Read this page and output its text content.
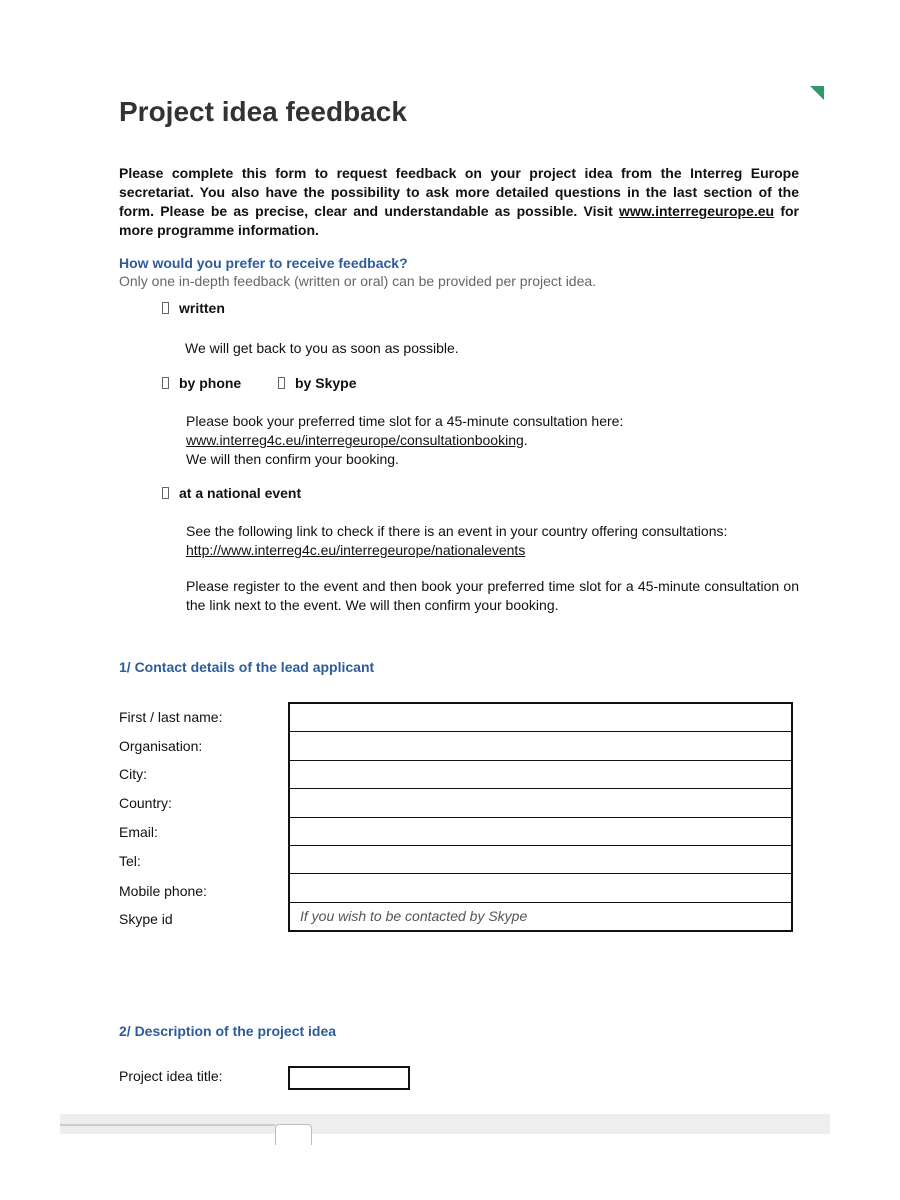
Project idea feedback
Please complete this form to request feedback on your project idea from the Interreg Europe secretariat. You also have the possibility to ask more detailed questions in the last section of the form. Please be as precise, clear and understandable as possible. Visit www.interregeurope.eu for more programme information.
How would you prefer to receive feedback?
Only one in-depth feedback (written or oral) can be provided per project idea.
written
We will get back to you as soon as possible.
by phone	by Skype
Please book your preferred time slot for a 45-minute consultation here:
www.interreg4c.eu/interregeurope/consultationbooking.
We will then confirm your booking.
at a national event
See the following link to check if there is an event in your country offering consultations:
http://www.interreg4c.eu/interregeurope/nationalevents
Please register to the event and then book your preferred time slot for a 45-minute consultation on the link next to the event. We will then confirm your booking.
1/ Contact details of the lead applicant
First / last name:
Organisation:
City:
Country:
Email:
Tel:
Mobile phone:
Skype id	If you wish to be contacted by Skype
2/ Description of the project idea
Project idea title:
